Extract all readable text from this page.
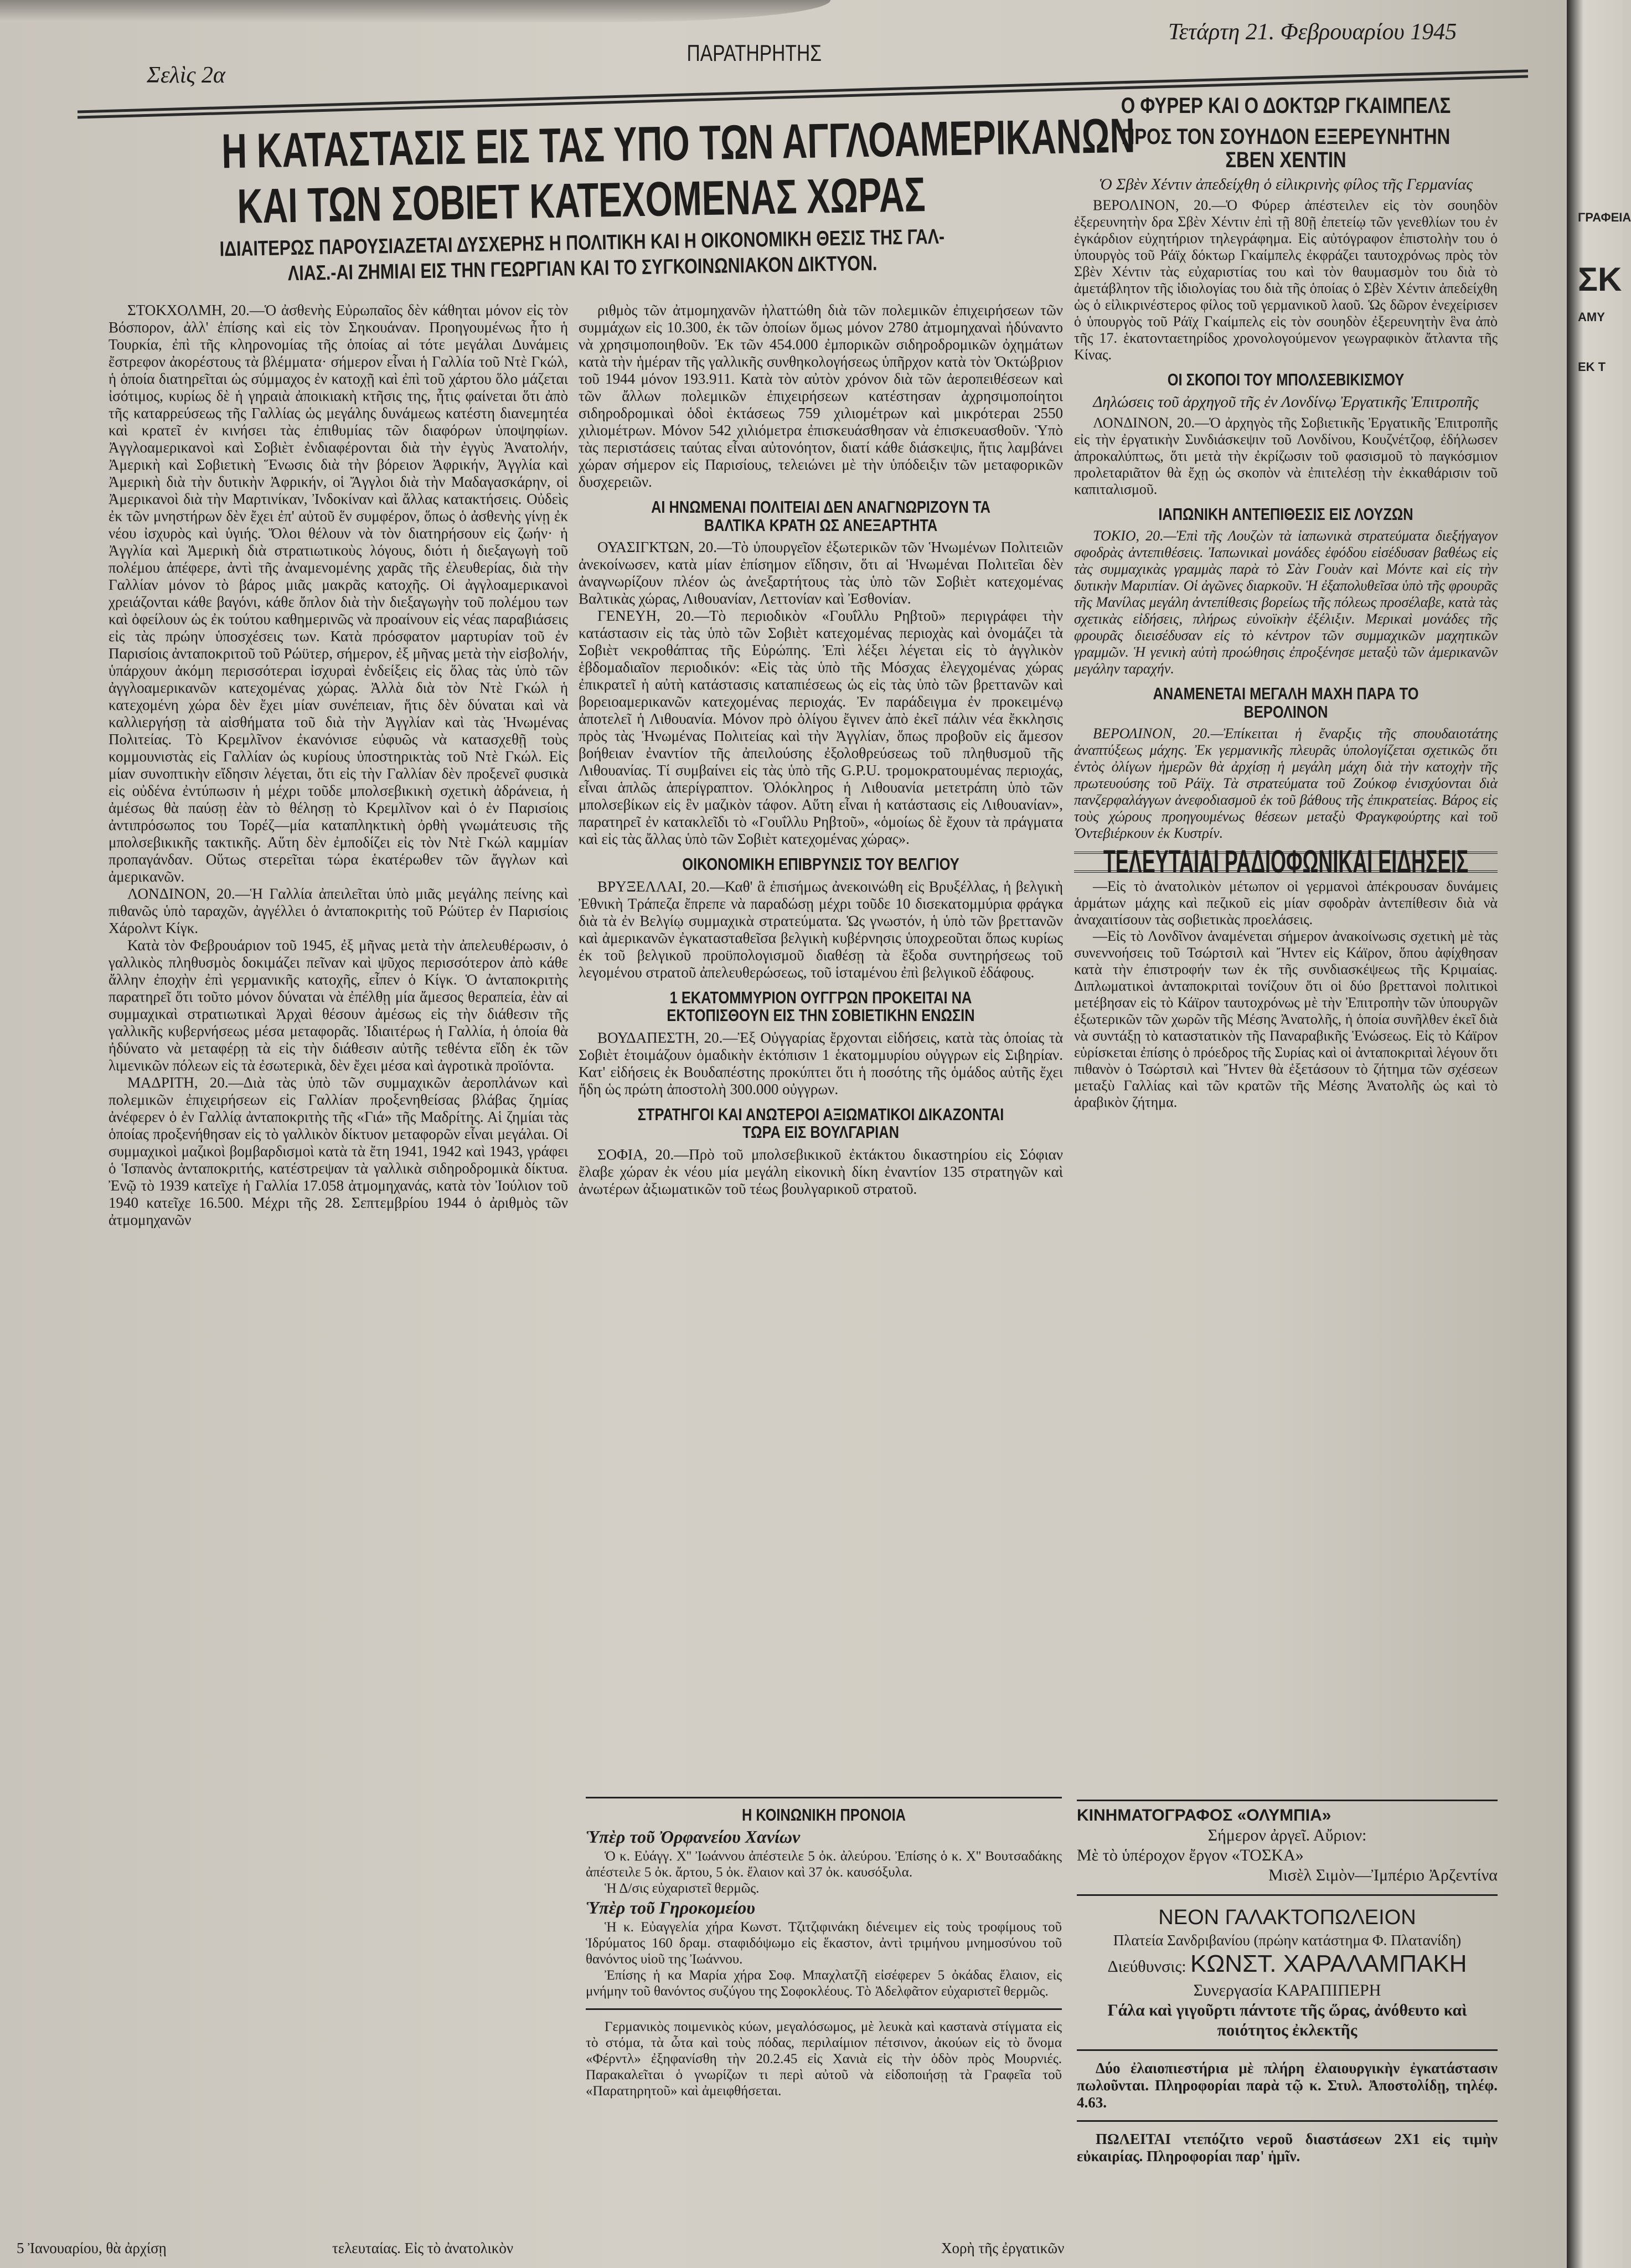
ΓΡΑΦΕΙΑ
ΣΚ
ΑΜΥ
ΕΚ Τ
Σελὶς 2α
ΠΑΡΑΤΗΡΗΤΗΣ
Τετάρτη 21. Φεβρουαρίου 1945
Η ΚΑΤΑΣΤΑΣΙΣ ΕΙΣ ΤΑΣ ΥΠΟ ΤΩΝ ΑΓΓΛΟΑΜΕΡΙΚΑΝΩΝ
ΚΑΙ ΤΩΝ ΣΟΒΙΕΤ ΚΑΤΕΧΟΜΕΝΑΣ ΧΩΡΑΣ
ΙΔΙΑΙΤΕΡΩΣ ΠΑΡΟΥΣΙΑΖΕΤΑΙ ΔΥΣΧΕΡΗΣ Η ΠΟΛΙΤΙΚΗ ΚΑΙ Η ΟΙΚΟΝΟΜΙΚΗ ΘΕΣΙΣ ΤΗΣ ΓΑΛ-
ΛΙΑΣ.-ΑΙ ΖΗΜΙΑΙ ΕΙΣ ΤΗΝ ΓΕΩΡΓΙΑΝ ΚΑΙ ΤΟ ΣΥΓΚΟΙΝΩΝΙΑΚΟΝ ΔΙΚΤΥΟΝ.

ΣΤΟΚΧΟΛΜΗ, 20.—Ὁ ἀσθενὴς Εὐρωπαῖος δὲν κάθηται μόνον εἰς τὸν Βόσπορον, ἀλλ' ἐπίσης καὶ εἰς τὸν Σηκουάναν. Προηγουμένως ἦτο ἡ Τουρκία, ἐπὶ τῆς κληρονομίας τῆς ὁποίας αἱ τότε μεγάλαι Δυνάμεις ἔστρεφον ἀκορέστους τὰ βλέμματα· σήμερον εἶναι ἡ Γαλλία τοῦ Ντὲ Γκώλ, ἡ ὁποία διατηρεῖται ὡς σύμμαχος ἐν κατοχῇ καὶ ἐπὶ τοῦ χάρτου ὅλο μάζεται ἰσότιμος, κυρίως δὲ ἡ γηραιὰ ἀποικιακὴ κτῆσις της, ἧτις φαίνεται ὅτι ἀπὸ τῆς καταρρεύσεως τῆς Γαλλίας ὡς μεγάλης δυνάμεως κατέστη διανεμητέα καὶ κρατεῖ ἐν κινήσει τὰς ἐπιθυμίας τῶν διαφόρων ὑποψηφίων. Ἀγγλοαμερικανοὶ καὶ Σοβιὲτ ἐνδιαφέρονται διὰ τὴν ἐγγὺς Ἀνατολήν, Ἀμερικὴ καὶ Σοβιετικὴ Ἕνωσις διὰ τὴν βόρειον Ἀφρικήν, Ἀγγλία καὶ Ἀμερικὴ διὰ τὴν δυτικὴν Ἀφρικήν, οἱ Ἄγγλοι διὰ τὴν Μαδαγασκάρην, οἱ Ἀμερικανοὶ διὰ τὴν Μαρτινίκαν, Ἰνδοκίναν καὶ ἄλλας κατακτήσεις. Οὐδεὶς ἐκ τῶν μνηστήρων δὲν ἔχει ἐπ' αὐτοῦ ἕν συμφέρον, ὅπως ὁ ἀσθενὴς γίνῃ ἐκ νέου ἰσχυρὸς καὶ ὑγιής. Ὅλοι θέλουν νὰ τὸν διατηρήσουν εἰς ζωήν· ἡ Ἀγγλία καὶ Ἀμερικὴ διὰ στρατιωτικοὺς λόγους, διότι ἡ διεξαγωγὴ τοῦ πολέμου ἀπέφερε, ἀντὶ τῆς ἀναμενομένης χαρᾶς τῆς ἐλευθερίας, διὰ τὴν Γαλλίαν μόνον τὸ βάρος μιᾶς μακρᾶς κατοχῆς. Οἱ ἀγγλοαμερικανοὶ χρειάζονται κάθε βαγόνι, κάθε ὄπλον διὰ τὴν διεξαγωγὴν τοῦ πολέμου των καὶ ὀφείλουν ὡς ἐκ τούτου καθημερινῶς νὰ προαίνουν εἰς νέας παραβιάσεις εἰς τὰς πρώην ὑποσχέσεις των. Κατὰ πρόσφατον μαρτυρίαν τοῦ ἐν Παρισίοις ἀνταποκριτοῦ τοῦ Ρώϋτερ, σήμερον, ἐξ μῆνας μετὰ τὴν εἰσβολήν, ὑπάρχουν ἀκόμη περισσότεραι ἰσχυραὶ ἐνδείξεις εἰς ὅλας τὰς ὑπὸ τῶν ἀγγλοαμερικανῶν κατεχομένας χώρας. Ἀλλὰ διὰ τὸν Ντὲ Γκώλ ἡ κατεχομένη χώρα δὲν ἔχει μίαν συνέπειαν, ἥτις δὲν δύναται καὶ νὰ καλλιεργήσῃ τὰ αἰσθήματα τοῦ διὰ τὴν Ἀγγλίαν καὶ τὰς Ἡνωμένας Πολιτείας. Τὸ Κρεμλῖνον ἐκανόνισε εὐφυῶς νὰ κατασχεθῇ τοὺς κομμουνιστὰς εἰς Γαλλίαν ὡς κυρίους ὑποστηρικτὰς τοῦ Ντὲ Γκώλ. Εἰς μίαν συνοπτικὴν εἴδησιν λέγεται, ὅτι εἰς τὴν Γαλλίαν δὲν προξενεῖ φυσικὰ εἰς οὐδένα ἐντύπωσιν ἡ μέχρι τοῦδε μπολσεβικικὴ σχετικὴ ἀδράνεια, ἡ ἀμέσως θὰ παύσῃ ἐὰν τὸ θέλησῃ τὸ Κρεμλῖνον καὶ ὁ ἐν Παρισίοις ἀντιπρόσωπος του Τορέζ—μία καταπληκτικὴ ὀρθὴ γνωμάτευσις τῆς μπολσεβικικῆς τακτικῆς. Αὕτη δὲν ἐμποδίζει εἰς τὸν Ντὲ Γκώλ καμμίαν προπαγάνδαν. Οὕτως στερεῖται τώρα ἑκατέρωθεν τῶν ἄγγλων καὶ ἀμερικανῶν.

ΛΟΝΔΙΝΟΝ, 20.—Ἡ Γαλλία ἀπειλεῖται ὑπὸ μιᾶς μεγάλης πείνης καὶ πιθανῶς ὑπὸ ταραχῶν, ἀγγέλλει ὁ ἀνταποκριτὴς τοῦ Ρώϋτερ ἐν Παρισίοις Χάρολντ Κίγκ.

Κατὰ τὸν Φεβρουάριον τοῦ 1945, ἐξ μῆνας μετὰ τὴν ἀπελευθέρωσιν, ὁ γαλλικὸς πληθυσμὸς δοκιμάζει πεῖναν καὶ ψῦχος περισσότερον ἀπὸ κάθε ἄλλην ἐποχὴν ἐπὶ γερμανικῆς κατοχῆς, εἶπεν ὁ Κίγκ. Ὁ ἀνταποκριτὴς παρατηρεῖ ὅτι τοῦτο μόνον δύναται νὰ ἐπέλθῃ μία ἄμεσος θεραπεία, ἐὰν αἱ συμμαχικαὶ στρατιωτικαὶ Ἀρχαὶ θέσουν ἀμέσως εἰς τὴν διάθεσιν τῆς γαλλικῆς κυβερνήσεως μέσα μεταφορᾶς. Ἰδιαιτέρως ἡ Γαλλία, ἡ ὁποία θὰ ἠδύνατο νὰ μεταφέρῃ τὰ εἰς τὴν διάθεσιν αὐτῆς τεθέντα εἴδη ἐκ τῶν λιμενικῶν πόλεων εἰς τὰ ἐσωτερικὰ, δὲν ἔχει μέσα καὶ ἀγροτικὰ προϊόντα.

ΜΑΔΡΙΤΗ, 20.—Διὰ τὰς ὑπὸ τῶν συμμαχικῶν ἀεροπλάνων καὶ πολεμικῶν ἐπιχειρήσεων εἰς Γαλλίαν προξενηθείσας βλάβας ζημίας ἀνέφερεν ὁ ἐν Γαλλίᾳ ἀνταποκριτὴς τῆς «Γιά» τῆς Μαδρίτης. Αἱ ζημίαι τὰς ὁποίας προξενήθησαν εἰς τὸ γαλλικὸν δίκτυον μεταφορῶν εἶναι μεγάλαι. Οἱ συμμαχικοὶ μαζικοὶ βομβαρδισμοὶ κατὰ τὰ ἔτη 1941, 1942 καὶ 1943, γράφει ὁ Ἱσπανὸς ἀνταποκριτής, κατέστρεψαν τὰ γαλλικὰ σιδηροδρομικὰ δίκτυα. Ἐνῷ τὸ 1939 κατεῖχε ἡ Γαλλία 17.058 ἀτμομηχανάς, κατὰ τὸν Ἰούλιον τοῦ 1940 κατεῖχε 16.500. Μέχρι τῆς 28. Σεπτεμβρίου 1944 ὁ ἀριθμὸς τῶν ἀτμομηχανῶν

ριθμὸς τῶν ἀτμομηχανῶν ἠλαττώθη διὰ τῶν πολεμικῶν ἐπιχειρήσεων τῶν συμμάχων εἰς 10.300, ἐκ τῶν ὁποίων ὅμως μόνον 2780 ἀτμομηχαναὶ ἠδύναντο νὰ χρησιμοποιηθοῦν. Ἐκ τῶν 454.000 ἐμπορικῶν σιδηροδρομικῶν ὀχημάτων κατὰ τὴν ἡμέραν τῆς γαλλικῆς συνθηκολογήσεως ὑπῆρχον κατὰ τὸν Ὀκτώβριον τοῦ 1944 μόνον 193.911. Κατὰ τὸν αὐτὸν χρόνον διὰ τῶν ἀεροπειθέσεων καὶ τῶν ἄλλων πολεμικῶν ἐπιχειρήσεων κατέστησαν ἀχρησιμοποίητοι σιδηροδρομικαὶ ὁδοὶ ἐκτάσεως 759 χιλιομέτρων καὶ μικρότεραι 2550 χιλιομέτρων. Μόνον 542 χιλιόμετρα ἐπισκευάσθησαν νὰ ἐπισκευασθοῦν. Ὑπὸ τὰς περιστάσεις ταύτας εἶναι αὐτονόητον, διατί κάθε διάσκεψις, ἥτις λαμβάνει χώραν σήμερον εἰς Παρισίους, τελειώνει μὲ τὴν ὑπόδειξιν τῶν μεταφορικῶν δυσχερειῶν.

ΑΙ ΗΝΩΜΕΝΑΙ ΠΟΛΙΤΕΙΑΙ ΔΕΝ ΑΝΑΓΝΩΡΙΖΟΥΝ ΤΑ ΒΑΛΤΙΚΑ ΚΡΑΤΗ ΩΣ ΑΝΕΞΑΡΤΗΤΑ

ΟΥΑΣΙΓΚΤΩΝ, 20.—Τὸ ὑπουργεῖον ἐξωτερικῶν τῶν Ἡνωμένων Πολιτειῶν ἀνεκοίνωσεν, κατὰ μίαν ἐπίσημον εἴδησιν, ὅτι αἱ Ἡνωμέναι Πολιτεῖαι δὲν ἀναγνωρίζουν πλέον ὡς ἀνεξαρτήτους τὰς ὑπὸ τῶν Σοβιὲτ κατεχομένας Βαλτικὰς χώρας, Λιθουανίαν, Λεττονίαν καὶ Ἐσθονίαν.

ΓΕΝΕΥΗ, 20.—Τὸ περιοδικὸν «Γουΐλλυ Ρηβτοῦ» περιγράφει τὴν κατάστασιν εἰς τὰς ὑπὸ τῶν Σοβιὲτ κατεχομένας περιοχὰς καὶ ὀνομάζει τὰ Σοβιὲτ νεκροθάπτας τῆς Εὐρώπης. Ἐπὶ λέξει λέγεται εἰς τὸ ἀγγλικὸν ἑβδομαδιαῖον περιοδικόν: «Εἰς τὰς ὑπὸ τῆς Μόσχας ἐλεγχομένας χώρας ἐπικρατεῖ ἡ αὐτὴ κατάστασις καταπιέσεως ὡς εἰς τὰς ὑπὸ τῶν βρεττανῶν καὶ βορειοαμερικανῶν κατεχομένας περιοχάς. Ἐν παράδειγμα ἐν προκειμένῳ ἀποτελεῖ ἡ Λιθουανία. Μόνον πρὸ ὀλίγου ἔγινεν ἀπὸ ἐκεῖ πάλιν νέα ἔκκλησις πρὸς τὰς Ἡνωμένας Πολιτείας καὶ τὴν Ἀγγλίαν, ὅπως προβοῦν εἰς ἄμεσον βοήθειαν ἐναντίον τῆς ἀπειλούσης ἐξολοθρεύσεως τοῦ πληθυσμοῦ τῆς Λιθουανίας. Τί συμβαίνει εἰς τὰς ὑπὸ τῆς G.P.U. τρομοκρατουμένας περιοχάς, εἶναι ἁπλῶς ἀπερίγραπτον. Ὁλόκληρος ἡ Λιθουανία μετετράπη ὑπὸ τῶν μπολσεβίκων εἰς ἓν μαζικὸν τάφον. Αὕτη εἶναι ἡ κατάστασις εἰς Λιθουανίαν», παρατηρεῖ ἐν κατακλεῖδι τὸ «Γουΐλλυ Ρηβτοῦ», «ὁμοίως δὲ ἔχουν τὰ πράγματα καὶ εἰς τὰς ἄλλας ὑπὸ τῶν Σοβιὲτ κατεχομένας χώρας».

ΟΙΚΟΝΟΜΙΚΗ ΕΠΙΒΡΥΝΣΙΣ ΤΟΥ ΒΕΛΓΙΟΥ

ΒΡΥΞΕΛΛΑΙ, 20.—Καθ' ἃ ἐπισήμως ἀνεκοινώθη εἰς Βρυξέλλας, ἡ βελγικὴ Ἐθνικὴ Τράπεζα ἔπρεπε νὰ παραδώσῃ μέχρι τοῦδε 10 δισεκατομμύρια φράγκα διὰ τὰ ἐν Βελγίῳ συμμαχικὰ στρατεύματα. Ὡς γνωστόν, ἡ ὑπὸ τῶν βρεττανῶν καὶ ἀμερικανῶν ἐγκατασταθεῖσα βελγικὴ κυβέρνησις ὑποχρεοῦται ὅπως κυρίως ἐκ τοῦ βελγικοῦ προϋπολογισμοῦ διαθέσῃ τὰ ἔξοδα συντηρήσεως τοῦ λεγομένου στρατοῦ ἀπελευθερώσεως, τοῦ ἱσταμένου ἐπὶ βελγικοῦ ἐδάφους.

1 ΕΚΑΤΟΜΜΥΡΙΟΝ ΟΥΓΓΡΩΝ ΠΡΟΚΕΙΤΑΙ ΝΑ ΕΚΤΟΠΙΣΘΟΥΝ ΕΙΣ ΤΗΝ ΣΟΒΙΕΤΙΚΗΝ ΕΝΩΣΙΝ

ΒΟΥΔΑΠΕΣΤΗ, 20.—Ἐξ Οὐγγαρίας ἔρχονται εἰδήσεις, κατὰ τὰς ὁποίας τὰ Σοβιὲτ ἑτοιμάζουν ὁμαδικὴν ἐκτόπισιν 1 ἑκατομμυρίου οὐγγρων εἰς Σιβηρίαν. Κατ' εἰδήσεις ἐκ Βουδαπέστης προκύπτει ὅτι ἡ ποσότης τῆς ὁμάδος αὐτῆς ἔχει ἤδη ὡς πρώτη ἀποστολὴ 300.000 οὐγγρων.

ΣΤΡΑΤΗΓΟΙ ΚΑΙ ΑΝΩΤΕΡΟΙ ΑΞΙΩΜΑΤΙΚΟΙ ΔΙΚΑΖΟΝΤΑΙ ΤΩΡΑ ΕΙΣ ΒΟΥΛΓΑΡΙΑΝ

ΣΟΦΙΑ, 20.—Πρὸ τοῦ μπολσεβικικοῦ ἐκτάκτου δικαστηρίου εἰς Σόφιαν ἔλαβε χώραν ἐκ νέου μία μεγάλη εἰκονικὴ δίκη ἐναντίον 135 στρατηγῶν καὶ ἀνωτέρων ἀξιωματικῶν τοῦ τέως βουλγαρικοῦ στρατοῦ.

Η ΚΟΙΝΩΝΙΚΗ ΠΡΟΝΟΙΑ
Ὑπὲρ τοῦ Ὀρφανείου Χανίων

Ὁ κ. Εὐάγγ. Χ'' Ἰωάννου ἀπέστειλε 5 ὀκ. ἀλεύρου. Ἐπίσης ὁ κ. Χ'' Βουτσαδάκης ἀπέστειλε 5 ὀκ. ἄρτου, 5 ὀκ. ἔλαιον καὶ 37 ὀκ. καυσόξυλα.

Ἡ Δ/σις εὐχαριστεῖ θερμῶς.

Ὑπὲρ τοῦ Γηροκομείου

Ἡ κ. Εὐαγγελία χήρα Κωνστ. Τζιτζιφινάκη διένειμεν εἰς τοὺς τροφίμους τοῦ Ἱδρύματος 160 δραμ. σταφιδόψωμο εἰς ἕκαστον, ἀντὶ τριμήνου μνημοσύνου τοῦ θανόντος υἱοῦ της Ἰωάννου.

Ἐπίσης ἡ κα Μαρία χήρα Σοφ. Μπαχλατζῆ εἰσέφερεν 5 ὀκάδας ἔλαιον, εἰς μνήμην τοῦ θανόντος συζύγου της Σοφοκλέους. Τὸ Ἀδελφᾶτον εὐχαριστεῖ θερμῶς.

Γερμανικὸς ποιμενικὸς κύων, μεγαλόσωμος, μὲ λευκὰ καὶ καστανὰ στίγματα εἰς τὸ στόμα, τὰ ὦτα καὶ τοὺς πόδας, περιλαίμιον πέτσινον, ἀκούων εἰς τὸ ὄνομα «Φέρντλ» ἐξηφανίσθη τὴν 20.2.45 εἰς Χανιὰ εἰς τὴν ὁδὸν πρὸς Μουρνιές. Παρακαλεῖται ὁ γνωρίζων τι περὶ αὐτοῦ νὰ εἰδοποιήσῃ τὰ Γραφεῖα τοῦ «Παρατηρητοῦ» καὶ ἀμειφθήσεται.

Ο ΦΥΡΕΡ ΚΑΙ Ο ΔΟΚΤΩΡ ΓΚΑΙΜΠΕΛΣ
ΠΡΟΣ ΤΟΝ ΣΟΥΗΔΟΝ ΕΞΕΡΕΥΝΗΤΗΝ ΣΒΕΝ ΧΕΝΤΙΝ
Ὁ Σβὲν Χέντιν ἀπεδείχθη ὁ εἰλικρινὴς φίλος τῆς Γερμανίας

ΒΕΡΟΛΙΝΟΝ, 20.—Ὁ Φύρερ ἀπέστειλεν εἰς τὸν σουηδὸν ἐξερευνητὴν δρα Σβὲν Χέντιν ἐπὶ τῇ 80ῇ ἐπετείῳ τῶν γενεθλίων του ἐν ἐγκάρδιον εὐχητήριον τηλεγράφημα. Εἰς αὐτόγραφον ἐπιστολὴν του ὁ ὑπουργὸς τοῦ Ράϊχ δόκτωρ Γκαίμπελς ἐκφράζει ταυτοχρόνως πρὸς τὸν Σβὲν Χέντιν τὰς εὐχαριστίας του καὶ τὸν θαυμασμὸν του διὰ τὸ ἀμετάβλητον τῆς ἰδιολογίας του διὰ τῆς ὁποίας ὁ Σβὲν Χέντιν ἀπεδείχθη ὡς ὁ εἰλικρινέστερος φίλος τοῦ γερμανικοῦ λαοῦ. Ὡς δῶρον ἐνεχείρισεν ὁ ὑπουργὸς τοῦ Ράϊχ Γκαίμπελς εἰς τὸν σουηδὸν ἐξερευνητὴν ἓνα ἀπὸ τῆς 17. ἑκατονταετηρίδος χρονολογούμενον γεωγραφικὸν ἄτλαντα τῆς Κίνας.

ΟΙ ΣΚΟΠΟΙ ΤΟΥ ΜΠΟΛΣΕΒΙΚΙΣΜΟΥ
Δηλώσεις τοῦ ἀρχηγοῦ τῆς ἐν Λονδίνῳ Ἐργατικῆς Ἐπιτροπῆς

ΛΟΝΔΙΝΟΝ, 20.—Ὁ ἀρχηγὸς τῆς Σοβιετικῆς Ἐργατικῆς Ἐπιτροπῆς εἰς τὴν ἐργατικὴν Συνδιάσκεψιν τοῦ Λονδίνου, Κουζνέτζοφ, ἐδήλωσεν ἀπροκαλύπτως, ὅτι μετὰ τὴν ἐκρίζωσιν τοῦ φασισμοῦ τὸ παγκόσμιον προλεταριᾶτον θὰ ἔχῃ ὡς σκοπὸν νὰ ἐπιτελέσῃ τὴν ἐκκαθάρισιν τοῦ καπιταλισμοῦ.

ΙΑΠΩΝΙΚΗ ΑΝΤΕΠΙΘΕΣΙΣ ΕΙΣ ΛΟΥΖΩΝ

ΤΟΚΙΟ, 20.—Ἐπὶ τῆς Λουζὼν τὰ ἰαπωνικὰ στρατεύματα διεξήγαγον σφοδρὰς ἀντεπιθέσεις. Ἰαπωνικαὶ μονάδες ἐφόδου εἰσέδυσαν βαθέως εἰς τὰς συμμαχικὰς γραμμὰς παρὰ τὸ Σὰν Γουὰν καὶ Μόντε καὶ εἰς τὴν δυτικὴν Μαριπίαν. Οἱ ἀγῶνες διαρκοῦν. Ἡ ἐξαπολυθεῖσα ὑπὸ τῆς φρουρᾶς τῆς Μανίλας μεγάλη ἀντεπίθεσις βορείως τῆς πόλεως προσέλαβε, κατὰ τὰς σχετικὰς εἰδήσεις, πλήρως εὐνοϊκὴν ἐξέλιξιν. Μερικαὶ μονάδες τῆς φρουρᾶς διεισέδυσαν εἰς τὸ κέντρον τῶν συμμαχικῶν μαχητικῶν γραμμῶν. Ἡ γενικὴ αὐτὴ προώθησις ἐπροξένησε μεταξὺ τῶν ἀμερικανῶν μεγάλην ταραχήν.

ΑΝΑΜΕΝΕΤΑΙ ΜΕΓΑΛΗ ΜΑΧΗ ΠΑΡΑ ΤΟ ΒΕΡΟΛΙΝΟΝ

ΒΕΡΟΛΙΝΟΝ, 20.—Ἐπίκειται ἡ ἔναρξις τῆς σπουδαιοτάτης ἀναπτύξεως μάχης. Ἐκ γερμανικῆς πλευρᾶς ὑπολογίζεται σχετικῶς ὅτι ἐντὸς ὀλίγων ἡμερῶν θὰ ἀρχίσῃ ἡ μεγάλη μάχη διὰ τὴν κατοχὴν τῆς πρωτευούσης τοῦ Ράϊχ. Τὰ στρατεύματα τοῦ Ζούκοφ ἐνισχύονται διὰ πανζερφαλάγγων ἀνεφοδιασμοῦ ἐκ τοῦ βάθους τῆς ἐπικρατείας. Βάρος εἰς τοὺς χώρους προηγουμένως θέσεων μεταξὺ Φραγκφούρτης καὶ τοῦ Ὀντεβιέρκουν ἐκ Κυστρίν.

ΤΕΛΕΥΤΑΙΑΙ ΡΑΔΙΟΦΩΝΙΚΑΙ ΕΙΔΗΣΕΙΣ

—Εἰς τὸ ἀνατολικὸν μέτωπον οἱ γερμανοὶ ἀπέκρουσαν δυνάμεις ἁρμάτων μάχης καὶ πεζικοῦ εἰς μίαν σφοδρὰν ἀντεπίθεσιν διὰ νὰ ἀναχαιτίσουν τὰς σοβιετικὰς προελάσεις.

—Εἰς τὸ Λονδῖνον ἀναμένεται σήμερον ἀνακοίνωσις σχετικὴ μὲ τὰς συνεννοήσεις τοῦ Τσώρτσιλ καὶ Ἤντεν εἰς Κάϊρον, ὅπου ἀφίχθησαν κατὰ τὴν ἐπιστροφήν των ἐκ τῆς συνδιασκέψεως τῆς Κριμαίας. Διπλωματικοὶ ἀνταποκριταὶ τονίζουν ὅτι οἱ δύο βρεττανοὶ πολιτικοὶ μετέβησαν εἰς τὸ Κάϊρον ταυτοχρόνως μὲ τὴν Ἐπιτροπὴν τῶν ὑπουργῶν ἐξωτερικῶν τῶν χωρῶν τῆς Μέσης Ἀνατολῆς, ἡ ὁποία συνῆλθεν ἐκεῖ διὰ νὰ συντάξῃ τὸ καταστατικὸν τῆς Παναραβικῆς Ἑνώσεως. Εἰς τὸ Κάϊρον εὑρίσκεται ἐπίσης ὁ πρόεδρος τῆς Συρίας καὶ οἱ ἀνταποκριταὶ λέγουν ὅτι πιθανὸν ὁ Τσώρτσιλ καὶ Ἤντεν θὰ ἐξετάσουν τὸ ζήτημα τῶν σχέσεων μεταξὺ Γαλλίας καὶ τῶν κρατῶν τῆς Μέσης Ἀνατολῆς ὡς καὶ τὸ ἀραβικὸν ζήτημα.

ΚΙΝΗΜΑΤΟΓΡΑΦΟΣ «ΟΛΥΜΠΙΑ»
Σήμερον ἀργεῖ. Αὔριον:
Μὲ τὸ ὑπέροχον ἔργον «ΤΟΣΚΑ»
Μισὲλ Σιμὸν—Ἰμπέριο Ἀρζεντίνα
ΝΕΟΝ ΓΑΛΑΚΤΟΠΩΛΕΙΟΝ
Πλατεία Σανδριβανίου (πρώην κατάστημα Φ. Πλατανίδη)
Διεύθυνσις: ΚΩΝΣΤ. ΧΑΡΑΛΑΜΠΑΚΗ
Συνεργασία ΚΑΡΑΠΙΠΕΡΗ
Γάλα καὶ γιγοῦρτι πάντοτε τῆς ὥρας, ἀνόθευτο καὶ ποιότητος ἐκλεκτῆς

Δύο ἐλαιοπιεστήρια μὲ πλήρη ἐλαιουργικὴν ἐγκατάστασιν πωλοῦνται. Πληροφορίαι παρὰ τῷ κ. Στυλ. Ἀποστολίδῃ, τηλέφ. 4.63.

ΠΩΛΕΙΤΑΙ ντεπόζιτο νεροῦ διαστάσεων 2Χ1 εἰς τιμὴν εὐκαιρίας. Πληροφορίαι παρ' ἡμῖν.

5 Ἰανουαρίου, θὰ ἀρχίσῃ	τελευταίας. Εἰς τὸ ἀνατολικὸν	Χορὴ τῆς ἐργατικῶν
